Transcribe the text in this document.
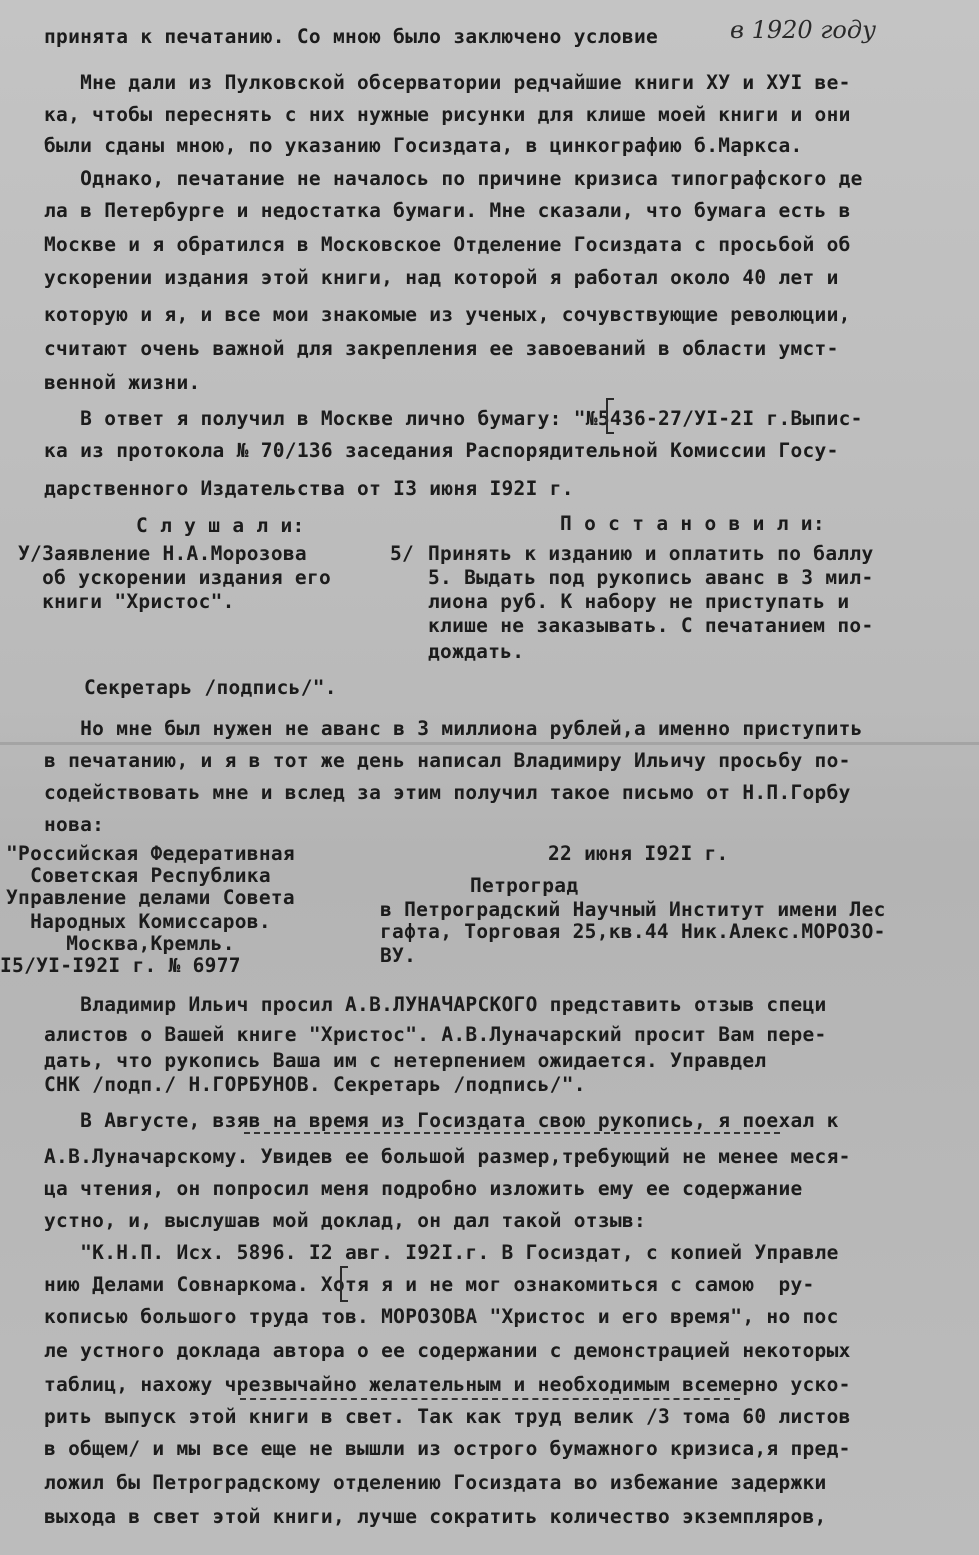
принята к печатанию. Со мною было заключено условие	в 1920 году
Мне дали из Пулковской обсерватории редчайшие книги ХУ и ХУI ве-
ка, чтобы переснять с них нужные рисунки для клише моей книги и они
были сданы мною, по указанию Госиздата, в цинкографию б.Маркса.
Однако, печатание не началось по причине кризиса типографского де
ла в Петербурге и недостатка бумаги. Мне сказали, что бумага есть в
Москве и я обратился в Московское Отделение Госиздата с просьбой об
ускорении издания этой книги, над которой я работал около 40 лет и
которую и я, и все мои знакомые из ученых, сочувствующие революции,
считают очень важной для закрепления ее завоеваний в области умст-
венной жизни.
В ответ я получил в Москве лично бумагу: "№5436-27/УI-2I г.Выпис-
ка из протокола № 70/136 заседания Распорядительной Комиссии Госу-
дарственного Издательства от I3 июня I92I г.
С л у ш а л и:	П о с т а н о в и л и:
У/Заявление Н.А.Морозова
об ускорении издания его
книги "Христос".
5/ Принять к изданию и оплатить по баллу
5. Выдать под рукопись аванс в 3 мил-
лиона руб. К набору не приступать и
клише не заказывать. С печатанием по-
дождать.
Секретарь /подпись/".
Но мне был нужен не аванс в 3 миллиона рублей,а именно приступить
в печатанию, и я в тот же день написал Владимиру Ильичу просьбу по-
содействовать мне и вслед за этим получил такое письмо от Н.П.Горбу
нова:
"Российская Федеративная
Советская Республика
Управление делами Совета
Народных Комиссаров.
Москва,Кремль.
I5/УI-I92I г. № 6977
22 июня I92I г.
Петроград
в Петроградский Научный Институт имени Лес
гафта, Торговая 25,кв.44 Ник.Алекс.МОРОЗО-
ВУ.
Владимир Ильич просил А.В.ЛУНАЧАРСКОГО представить отзыв специ
алистов о Вашей книге "Христос". А.В.Луначарский просит Вам пере-
дать, что рукопись Ваша им с нетерпением ожидается. Управдел
СНК /подп./ Н.ГОРБУНОВ. Секретарь /подпись/".
В Августе, взяв на время из Госиздата свою рукопись, я поехал к
А.В.Луначарскому. Увидев ее большой размер,требующий не менее меся-
ца чтения, он попросил меня подробно изложить ему ее содержание
устно, и, выслушав мой доклад, он дал такой отзыв:
"К.Н.П. Исх. 5896. I2 авг. I92I.г. В Госиздат, с копией Управле
нию Делами Совнаркома. Хотя я и не мог ознакомиться с самою  ру-
кописью большого труда тов. МОРОЗОВА "Христос и его время", но пос
ле устного доклада автора о ее содержании с демонстрацией некоторых
таблиц, нахожу чрезвычайно желательным и необходимым всемерно уско-
рить выпуск этой книги в свет. Так как труд велик /3 тома 60 листов
в общем/ и мы все еще не вышли из острого бумажного кризиса,я пред-
ложил бы Петроградскому отделению Госиздата во избежание задержки
выхода в свет этой книги, лучше сократить количество экземпляров,
